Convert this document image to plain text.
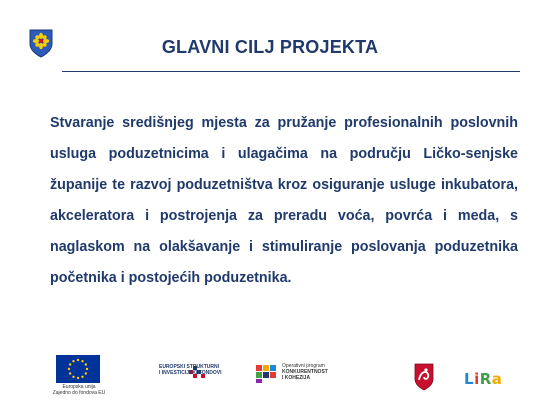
GLAVNI CILJ PROJEKTA

Stvaranje središnjeg mjesta za pružanje profesionalnih poslovnih usluga poduzetnicima i ulagačima na području Ličko-senjske županije te razvoj poduzetništva kroz osiguranje usluge inkubatora, akceleratora i postrojenja za preradu voća, povrća i meda, s naglaskom na olakšavanje i stimuliranje poslovanja poduzetnika početnika i postojećih poduzetnika.

Europska unija
Zajedno do fondova EU
EUROPSKI STRUKTURNI
I INVESTICIJSKI FONDOVI
Operativni program
KONKURENTNOST
I KOHEZIJA	LiRa
